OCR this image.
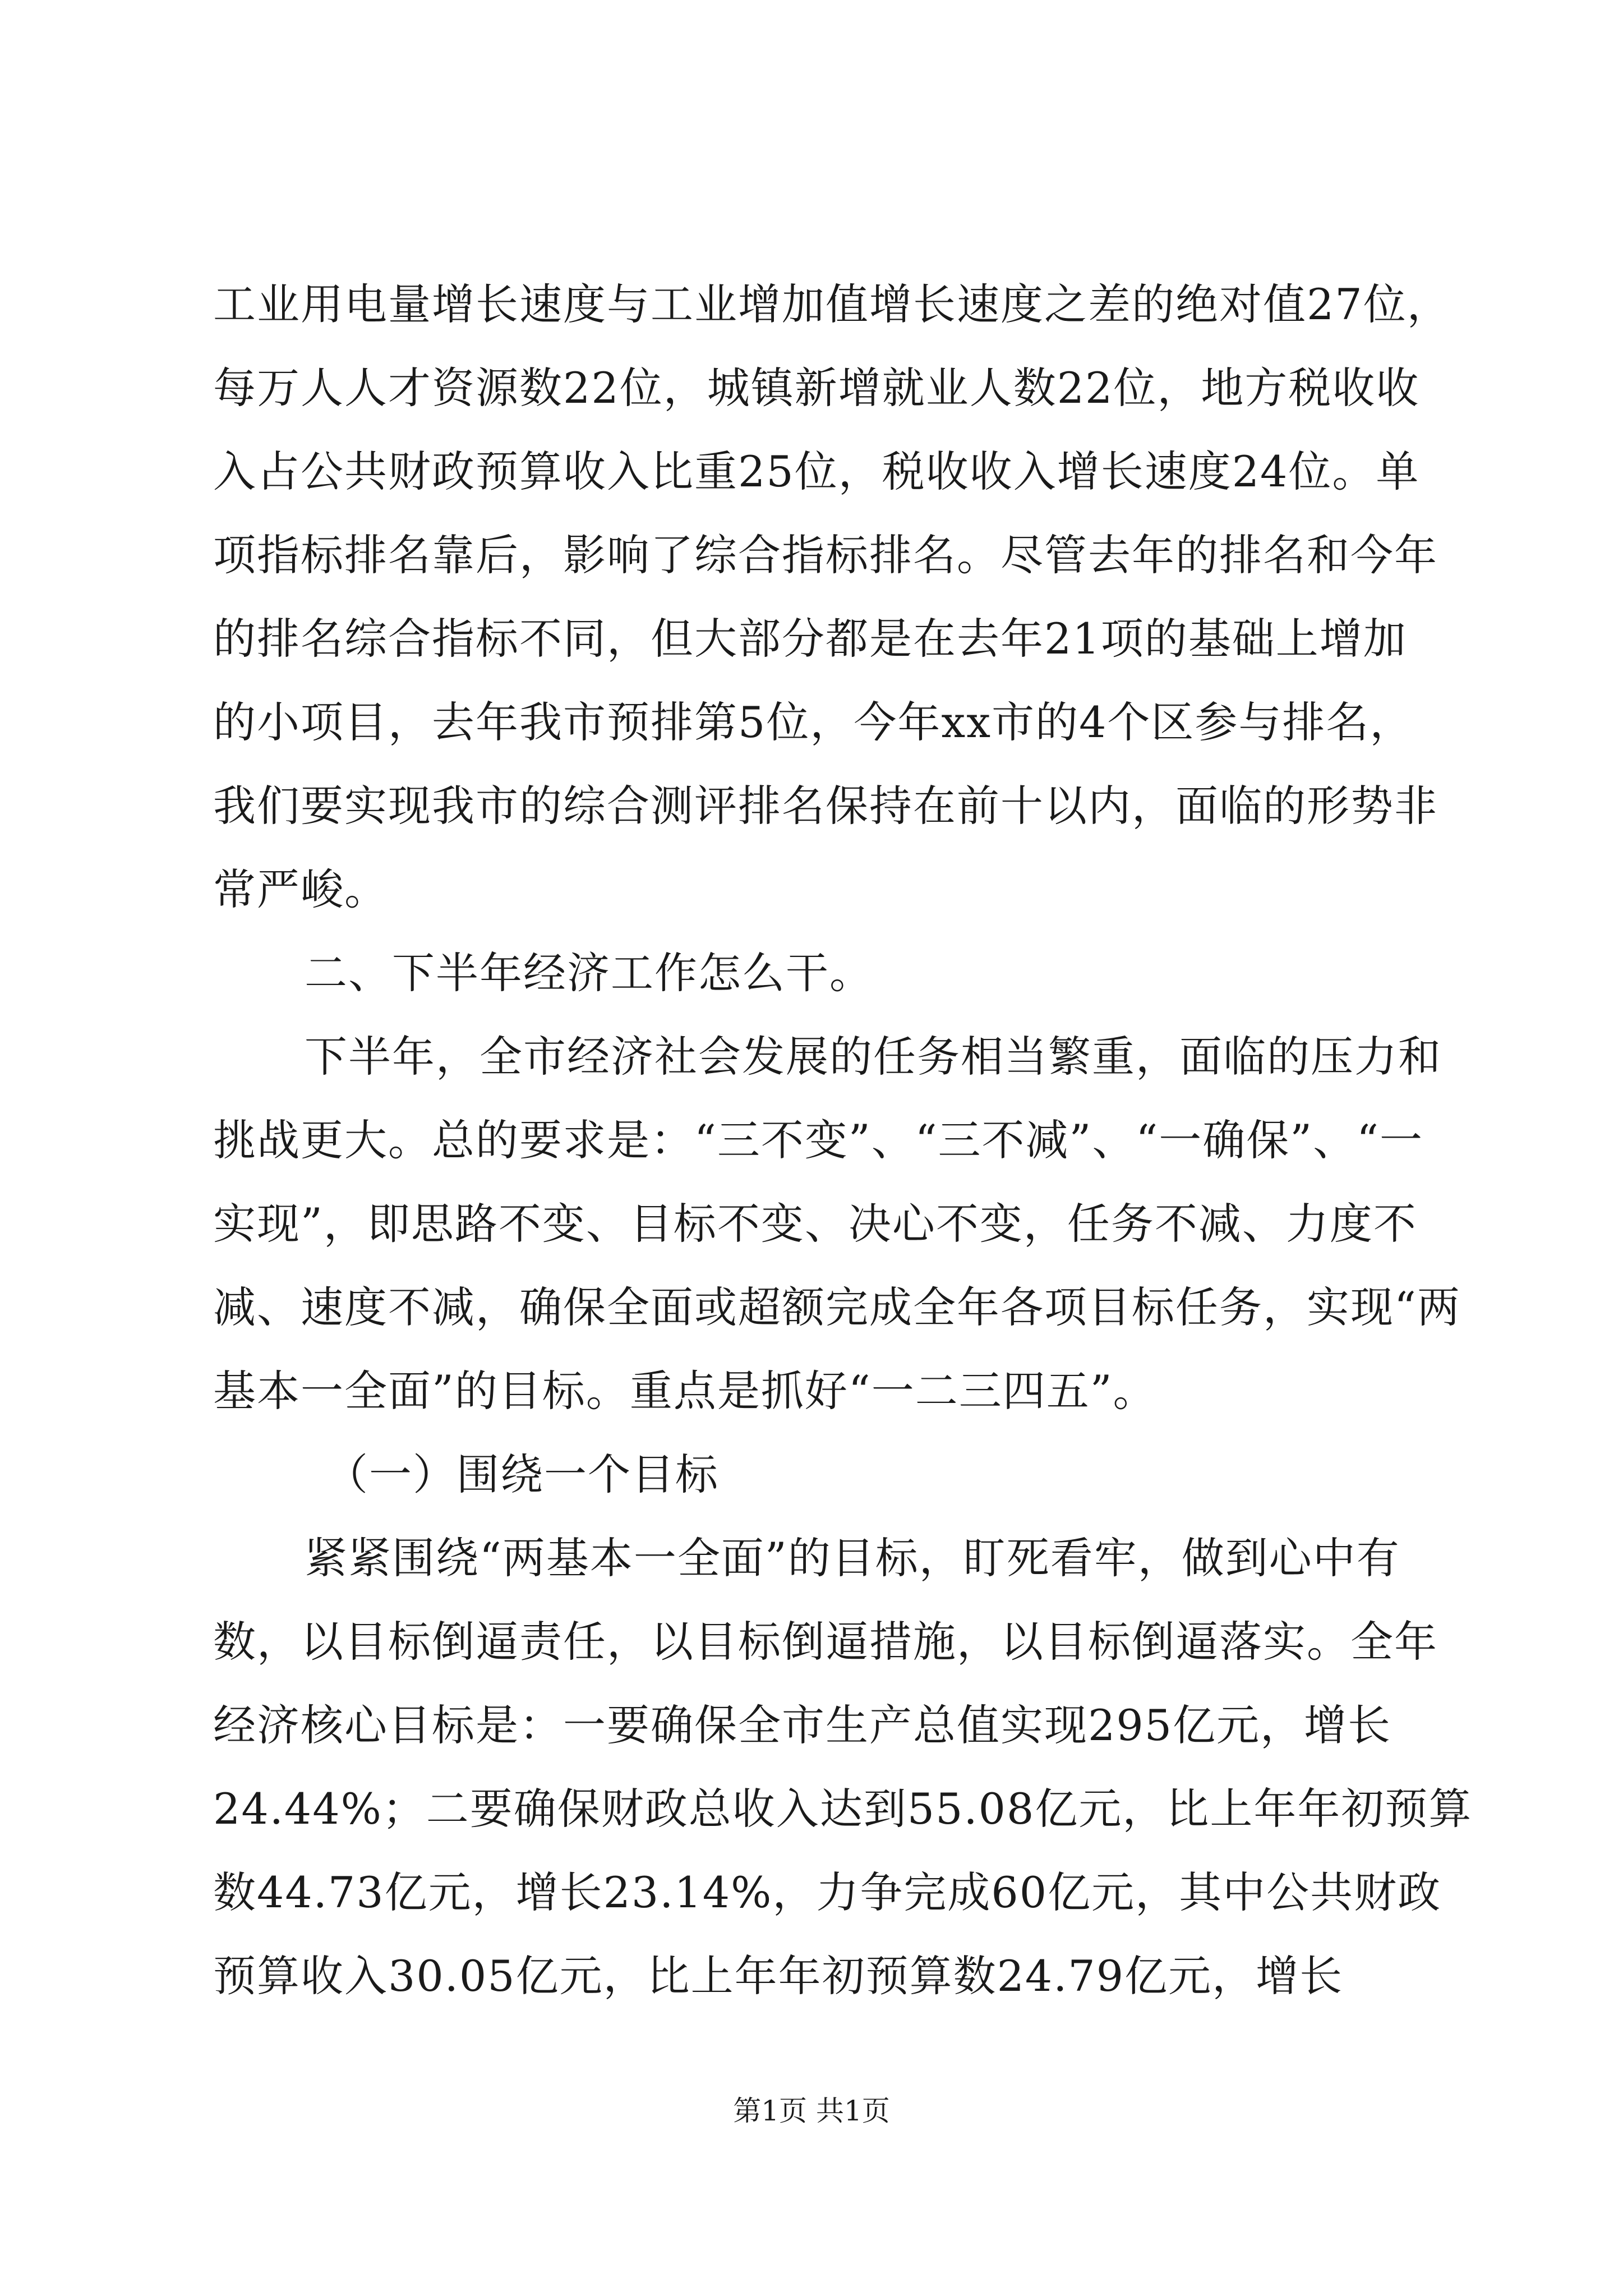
工业用电量增长速度与工业增加值增长速度之差的绝对值27位，
每万人人才资源数22位，城镇新增就业人数22位，地方税收收
入占公共财政预算收入比重25位，税收收入增长速度24位。单
项指标排名靠后，影响了综合指标排名。尽管去年的排名和今年
的排名综合指标不同，但大部分都是在去年21项的基础上增加
的小项目，去年我市预排第5位，今年xx市的4个区参与排名，
我们要实现我市的综合测评排名保持在前十以内，面临的形势非
常严峻。
二、下半年经济工作怎么干。
下半年，全市经济社会发展的任务相当繁重，面临的压力和
挑战更大。总的要求是：“三不变”、“三不减”、“一确保”、“一
实现”，即思路不变、目标不变、决心不变，任务不减、力度不
减、速度不减，确保全面或超额完成全年各项目标任务，实现“两
基本一全面”的目标。重点是抓好“一二三四五”。
（一）围绕一个目标
紧紧围绕“两基本一全面”的目标，盯死看牢，做到心中有
数，以目标倒逼责任，以目标倒逼措施，以目标倒逼落实。全年
经济核心目标是：一要确保全市生产总值实现295亿元，增长
24.44%；二要确保财政总收入达到55.08亿元，比上年年初预算
数44.73亿元，增长23.14%，力争完成60亿元，其中公共财政
预算收入30.05亿元，比上年年初预算数24.79亿元，增长
第1页 共1页
